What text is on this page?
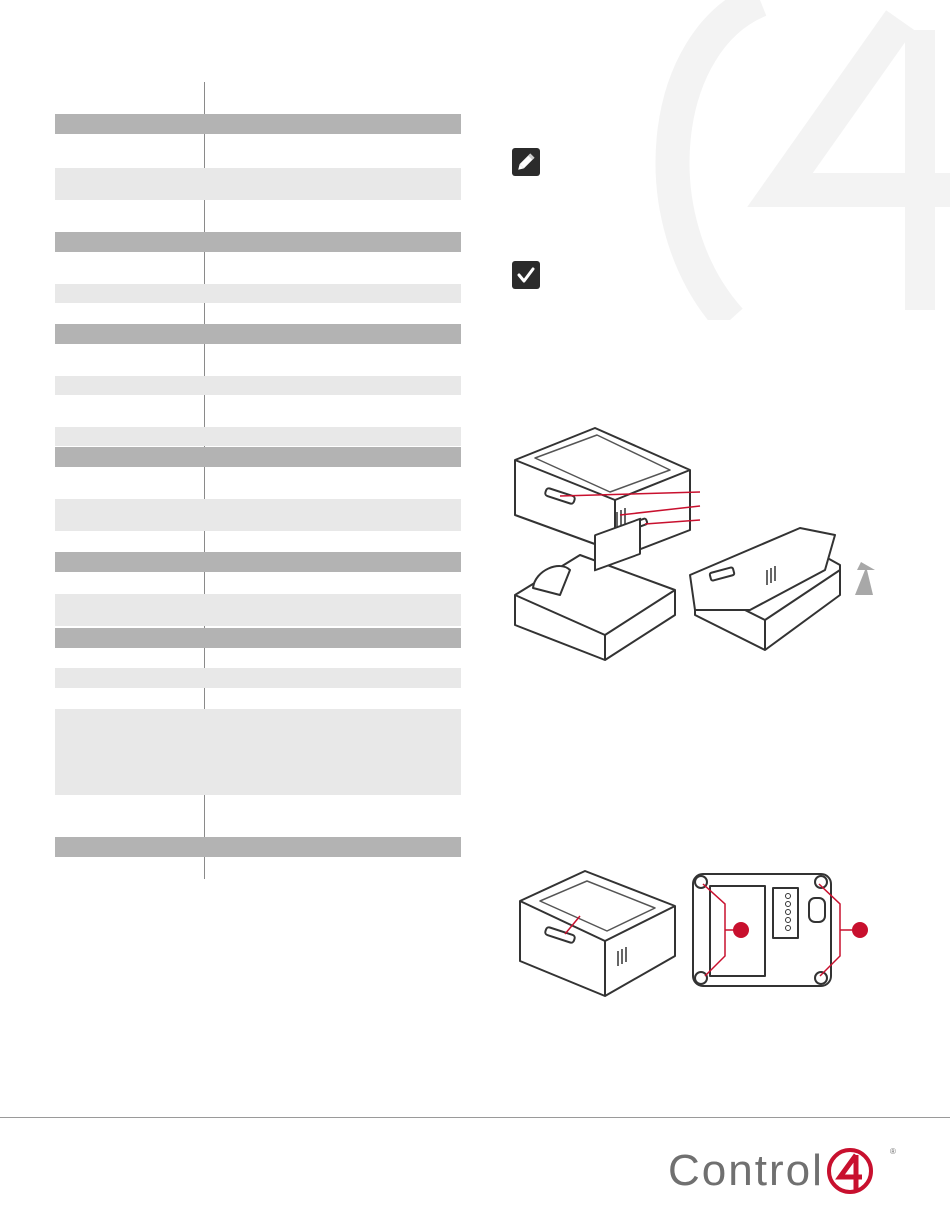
Control	®
